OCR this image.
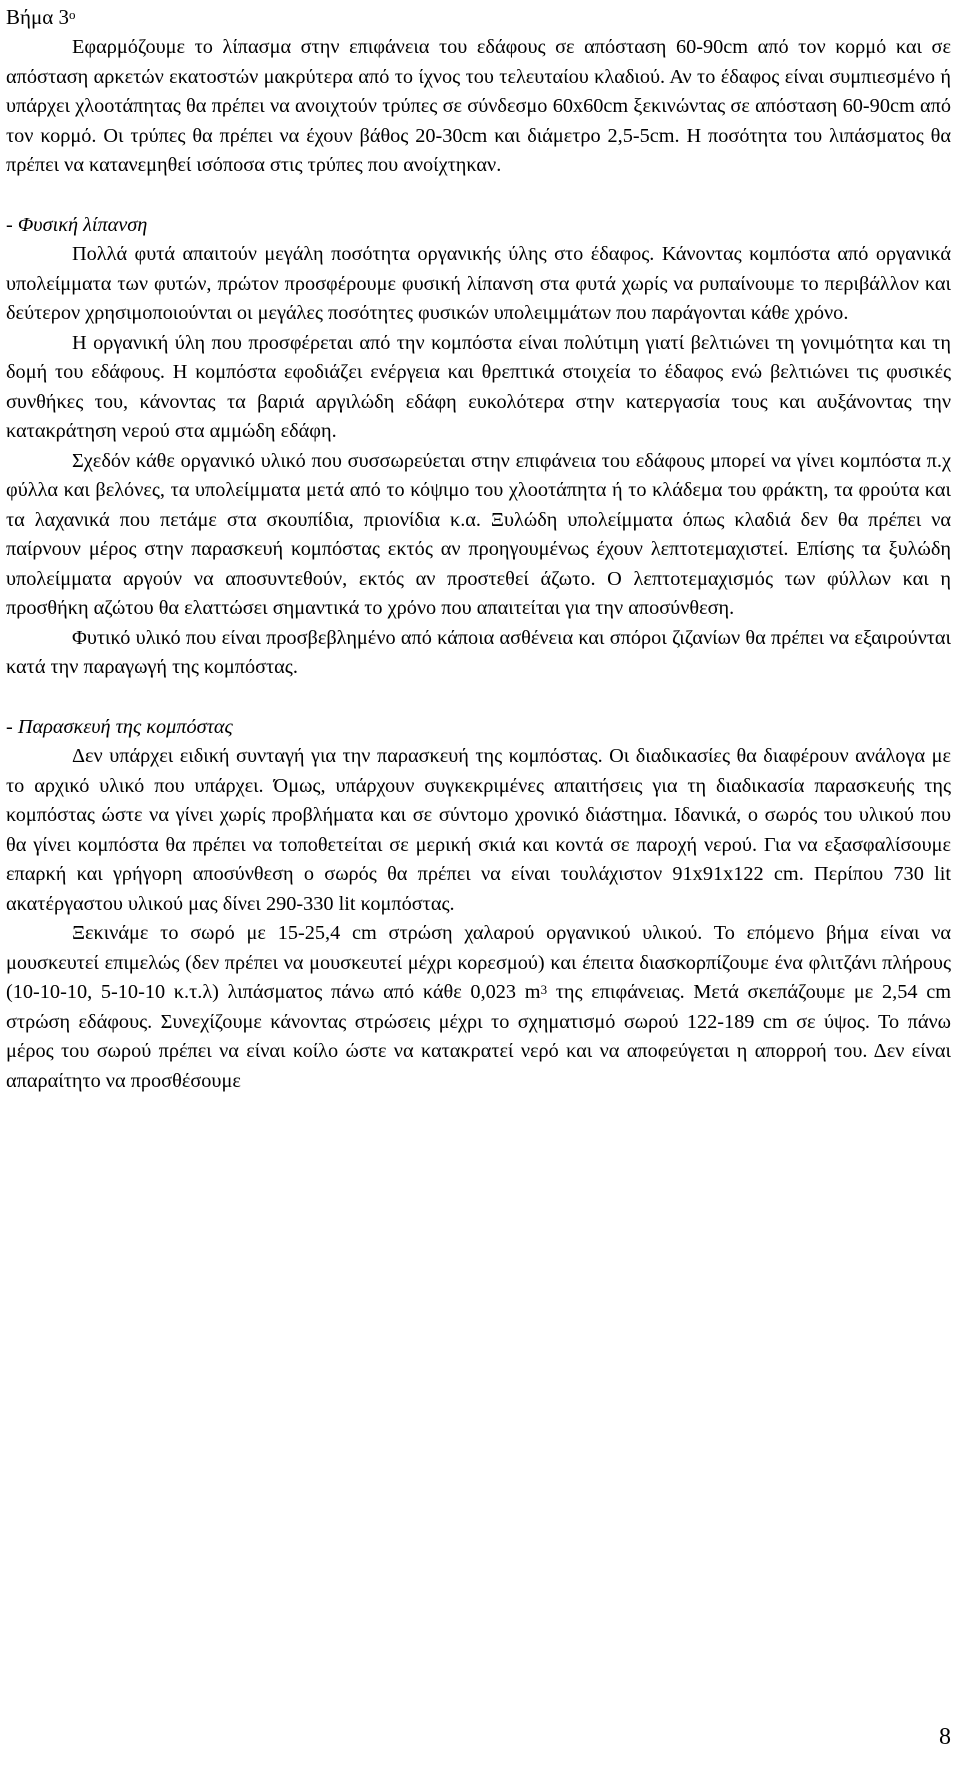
Βήμα $3^o$

Εφαρμόζουμε το λίπασμα στην επιφάνεια του εδάφους σε απόσταση 60-90cm από τον κορμό και σε απόσταση αρκετών εκατοστών μακρύτερα από το ίχνος του τελευταίου κλαδιού. Αν το έδαφος είναι συμπιεσμένο ή υπάρχει χλοοτάπητας θα πρέπει να ανοιχτούν τρύπες σε σύνδεσμο 60x60cm ξεκινώντας σε απόσταση 60-90cm από τον κορμό. Οι τρύπες θα πρέπει να έχουν βάθος 20-30cm και διάμετρο 2,5-5cm. Η ποσότητα του λιπάσματος θα πρέπει να κατανεμηθεί ισόποσα στις τρύπες που ανοίχτηκαν.

- Φυσική λίπανση

Πολλά φυτά απαιτούν μεγάλη ποσότητα οργανικής ύλης στο έδαφος. Κάνοντας κομπόστα από οργανικά υπολείμματα των φυτών, πρώτον προσφέρουμε φυσική λίπανση στα φυτά χωρίς να ρυπαίνουμε το περιβάλλον και δεύτερον χρησιμοποιούνται οι μεγάλες ποσότητες φυσικών υπολειμμάτων που παράγονται κάθε χρόνο.

Η οργανική ύλη που προσφέρεται από την κομπόστα είναι πολύτιμη γιατί βελτιώνει τη γονιμότητα και τη δομή του εδάφους. Η κομπόστα εφοδιάζει ενέργεια και θρεπτικά στοιχεία το έδαφος ενώ βελτιώνει τις φυσικές συνθήκες του, κάνοντας τα βαριά αργιλώδη εδάφη ευκολότερα στην κατεργασία τους και αυξάνοντας την κατακράτηση νερού στα αμμώδη εδάφη.

Σχεδόν κάθε οργανικό υλικό που συσσωρεύεται στην επιφάνεια του εδάφους μπορεί να γίνει κομπόστα π.χ φύλλα και βελόνες, τα υπολείμματα μετά από το κόψιμο του χλοοτάπητα ή το κλάδεμα του φράκτη, τα φρούτα και τα λαχανικά που πετάμε στα σκουπίδια, πριονίδια κ.α. Ξυλώδη υπολείμματα όπως κλαδιά δεν θα πρέπει να παίρνουν μέρος στην παρασκευή κομπόστας εκτός αν προηγουμένως έχουν λεπτοτεμαχιστεί. Επίσης τα ξυλώδη υπολείμματα αργούν να αποσυντεθούν, εκτός αν προστεθεί άζωτο. Ο λεπτοτεμαχισμός των φύλλων και η προσθήκη αζώτου θα ελαττώσει σημαντικά το χρόνο που απαιτείται για την αποσύνθεση.

Φυτικό υλικό που είναι προσβεβλημένο από κάποια ασθένεια και σπόροι ζιζανίων θα πρέπει να εξαιρούνται κατά την παραγωγή της κομπόστας.

- Παρασκευή της κομπόστας

Δεν υπάρχει ειδική συνταγή για την παρασκευή της κομπόστας. Οι διαδικασίες θα διαφέρουν ανάλογα με το αρχικό υλικό που υπάρχει. Όμως, υπάρχουν συγκεκριμένες απαιτήσεις για τη διαδικασία παρασκευής της κομπόστας ώστε να γίνει χωρίς προβλήματα και σε σύντομο χρονικό διάστημα. Ιδανικά, ο σωρός του υλικού που θα γίνει κομπόστα θα πρέπει να τοποθετείται σε μερική σκιά και κοντά σε παροχή νερού. Για να εξασφαλίσουμε επαρκή και γρήγορη αποσύνθεση ο σωρός θα πρέπει να είναι τουλάχιστον 91x91x122 cm. Περίπου 730 lit ακατέργαστου υλικού μας δίνει 290-330 lit κομπόστας.

Ξεκινάμε το σωρό με 15-25,4 cm στρώση χαλαρού οργανικού υλικού. Το επόμενο βήμα είναι να μουσκευτεί επιμελώς (δεν πρέπει να μουσκευτεί μέχρι κορεσμού) και έπειτα διασκορπίζουμε ένα φλιτζάνι πλήρους (10-10-10, 5-10-10 κ.τ.λ) λιπάσματος πάνω από κάθε 0,023 $m^3$ της επιφάνειας. Μετά σκεπάζουμε με 2,54 cm στρώση εδάφους. Συνεχίζουμε κάνοντας στρώσεις μέχρι το σχηματισμό σωρού 122-189 cm σε ύψος. Το πάνω μέρος του σωρού πρέπει να είναι κοίλο ώστε να κατακρατεί νερό και να αποφεύγεται η απορροή του. Δεν είναι απαραίτητο να προσθέσουμε

8
